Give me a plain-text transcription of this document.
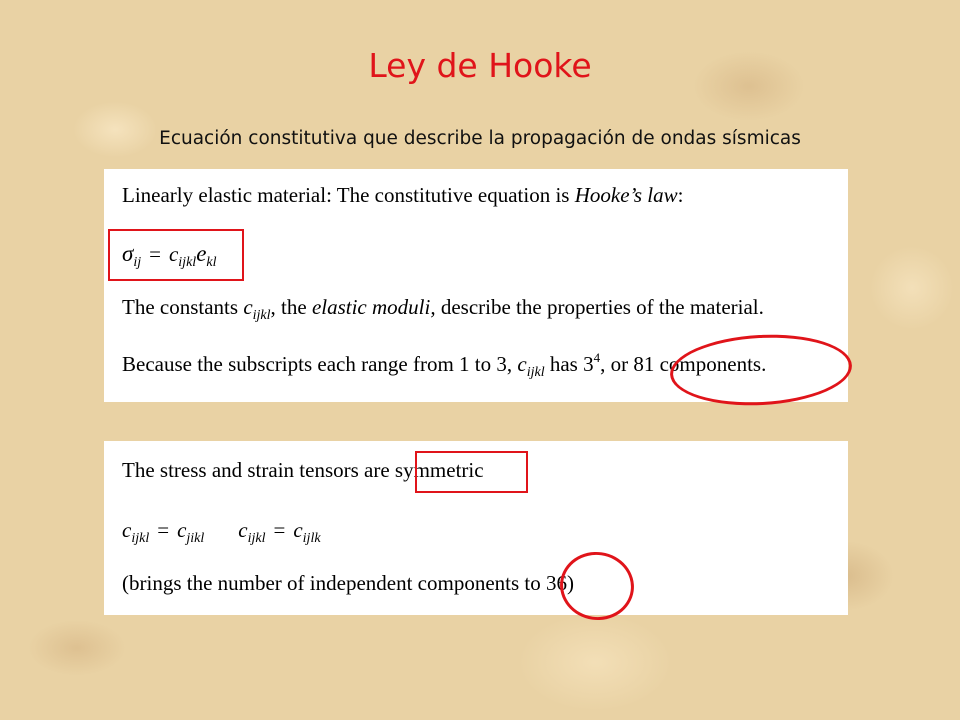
Ley de Hooke
Ecuación constitutiva que describe la propagación de ondas sísmicas
Linearly elastic material: The constitutive equation is Hooke’s law:
$\sigma_{ij} = c_{ijkl}e_{kl}$
The constants $c_{ijkl}$, the elastic moduli, describe the properties of the material.
Because the subscripts each range from 1 to 3, $c_{ijkl}$ has $3^4$, or 81 components.
The stress and strain tensors are symmetric
$c_{ijkl} = c_{jikl}$ $c_{ijkl} = c_{ijlk}$
(brings the number of independent components to 36)
